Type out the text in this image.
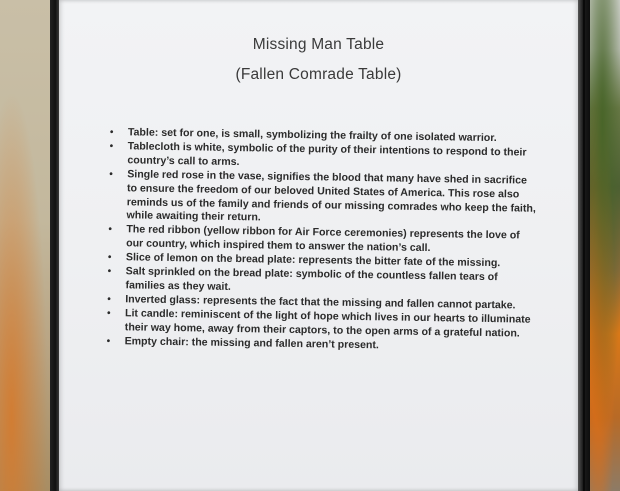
Missing Man Table
(Fallen Comrade Table)
• Table: set for one, is small, symbolizing the frailty of one isolated warrior.
• Tablecloth is white, symbolic of the purity of their intentions to respond to their country’s call to arms.
• Single red rose in the vase, signifies the blood that many have shed in sacrifice to ensure the freedom of our beloved United States of America. This rose also reminds us of the family and friends of our missing comrades who keep the faith, while awaiting their return.
• The red ribbon (yellow ribbon for Air Force ceremonies) represents the love of our country, which inspired them to answer the nation’s call.
• Slice of lemon on the bread plate: represents the bitter fate of the missing.
• Salt sprinkled on the bread plate: symbolic of the countless fallen tears of families as they wait.
• Inverted glass: represents the fact that the missing and fallen cannot partake.
• Lit candle: reminiscent of the light of hope which lives in our hearts to illuminate their way home, away from their captors, to the open arms of a grateful nation.
• Empty chair: the missing and fallen aren’t present.
